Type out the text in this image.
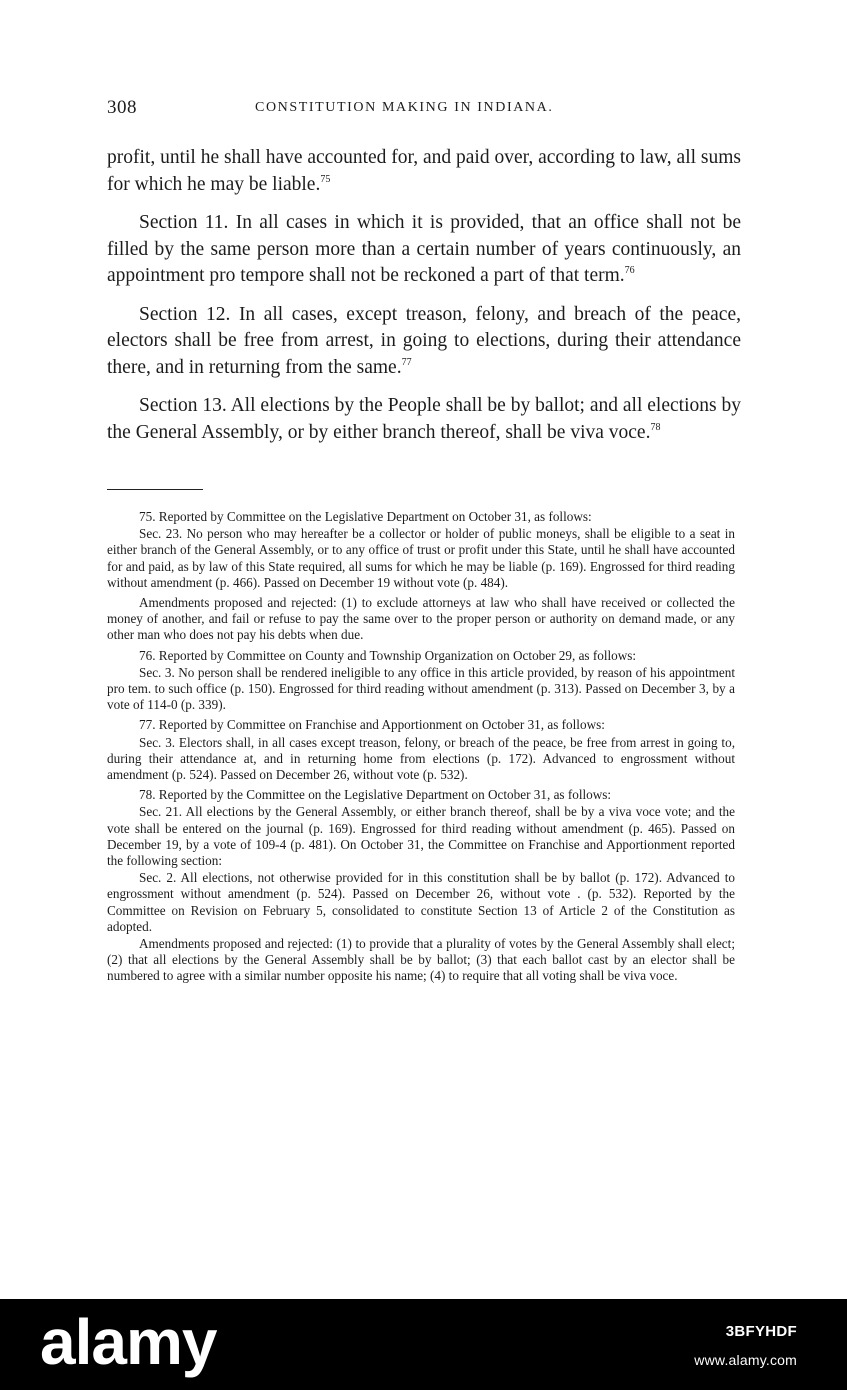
308	CONSTITUTION MAKING IN INDIANA.

profit, until he shall have accounted for, and paid over, according to law, all sums for which he may be liable.$^{75}$

Section 11. In all cases in which it is provided, that an office shall not be filled by the same person more than a certain number of years continuously, an appointment pro tempore shall not be reckoned a part of that term.$^{76}$

Section 12. In all cases, except treason, felony, and breach of the peace, electors shall be free from arrest, in going to elections, during their attendance there, and in returning from the same.$^{77}$

Section 13. All elections by the People shall be by ballot; and all elections by the General Assembly, or by either branch thereof, shall be viva voce.$^{78}$

75. Reported by Committee on the Legislative Department on October 31, as follows:

Sec. 23. No person who may hereafter be a collector or holder of public moneys, shall be eligible to a seat in either branch of the General Assembly, or to any office of trust or profit under this State, until he shall have accounted for and paid, as by law of this State required, all sums for which he may be liable (p. 169). Engrossed for third reading without amendment (p. 466). Passed on December 19 without vote (p. 484).

Amendments proposed and rejected: (1) to exclude attorneys at law who shall have received or collected the money of another, and fail or refuse to pay the same over to the proper person or authority on demand made, or any other man who does not pay his debts when due.

76. Reported by Committee on County and Township Organization on October 29, as follows:

Sec. 3. No person shall be rendered ineligible to any office in this article provided, by reason of his appointment pro tem. to such office (p. 150). Engrossed for third reading without amendment (p. 313). Passed on December 3, by a vote of 114-0 (p. 339).

77. Reported by Committee on Franchise and Apportionment on October 31, as follows:

Sec. 3. Electors shall, in all cases except treason, felony, or breach of the peace, be free from arrest in going to, during their attendance at, and in returning home from elections (p. 172). Advanced to engrossment without amendment (p. 524). Passed on December 26, without vote (p. 532).

78. Reported by the Committee on the Legislative Department on October 31, as follows:

Sec. 21. All elections by the General Assembly, or either branch thereof, shall be by a viva voce vote; and the vote shall be entered on the journal (p. 169). Engrossed for third reading without amendment (p. 465). Passed on December 19, by a vote of 109-4 (p. 481). On October 31, the Committee on Franchise and Apportionment reported the following section:

Sec. 2. All elections, not otherwise provided for in this constitution shall be by ballot (p. 172). Advanced to engrossment without amendment (p. 524). Passed on December 26, without vote . (p. 532). Reported by the Committee on Revision on February 5, consolidated to constitute Section 13 of Article 2 of the Constitution as adopted.

Amendments proposed and rejected: (1) to provide that a plurality of votes by the General Assembly shall elect; (2) that all elections by the General Assembly shall be by ballot; (3) that each ballot cast by an elector shall be numbered to agree with a similar number opposite his name; (4) to require that all voting shall be viva voce.

alamy	3BFYHDF
www.alamy.com
